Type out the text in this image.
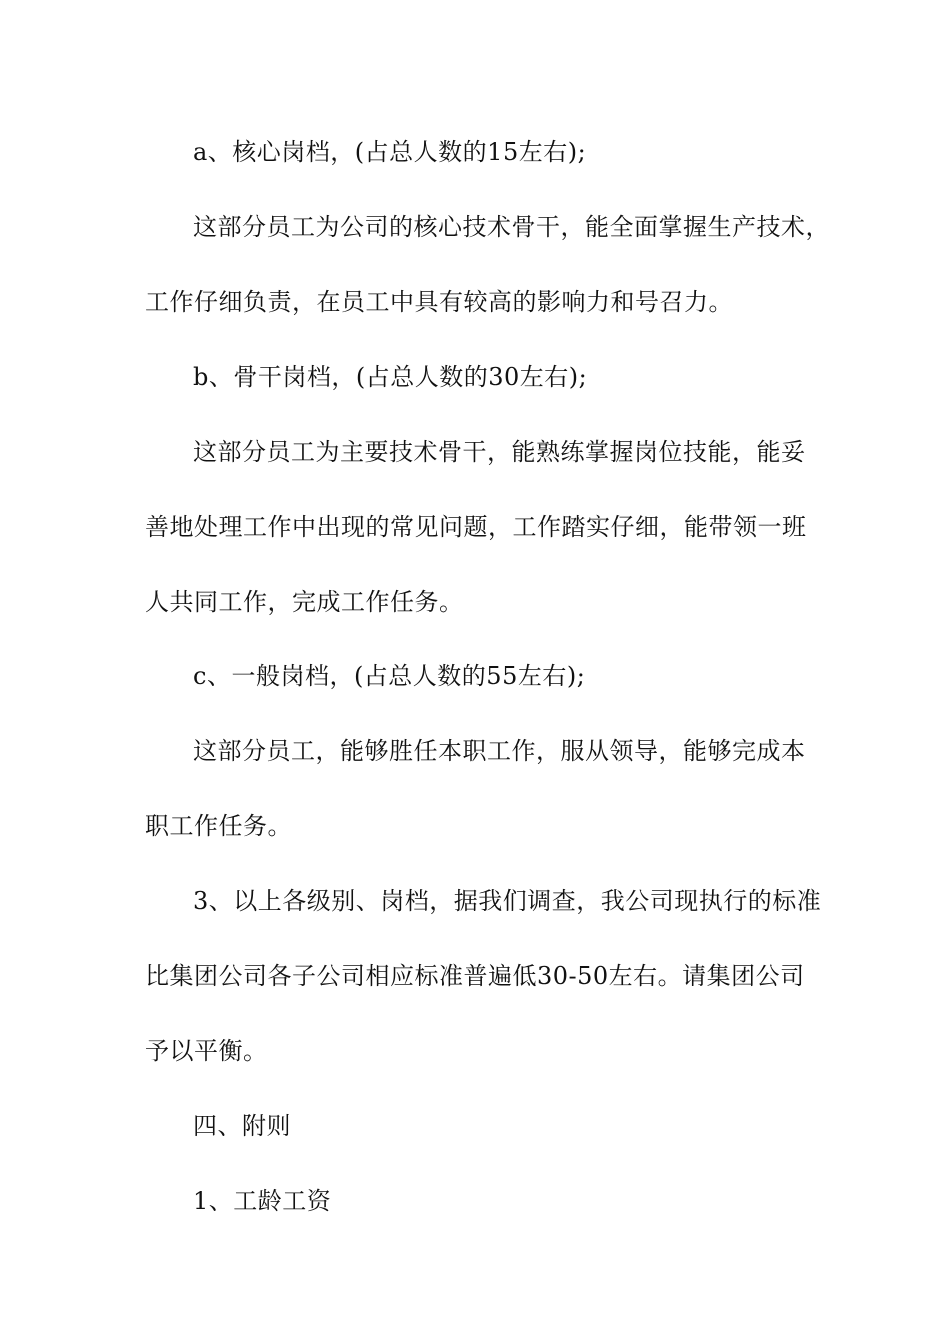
a、核心岗档，(占总人数的15左右);
这部分员工为公司的核心技术骨干，能全面掌握生产技术，
工作仔细负责，在员工中具有较高的影响力和号召力。
b、骨干岗档，(占总人数的30左右);
这部分员工为主要技术骨干，能熟练掌握岗位技能，能妥
善地处理工作中出现的常见问题，工作踏实仔细，能带领一班
人共同工作，完成工作任务。
c、一般岗档，(占总人数的55左右);
这部分员工，能够胜任本职工作，服从领导，能够完成本
职工作任务。
3、以上各级别、岗档，据我们调查，我公司现执行的标准
比集团公司各子公司相应标准普遍低30-50左右。请集团公司
予以平衡。
四、附则
1、工龄工资
